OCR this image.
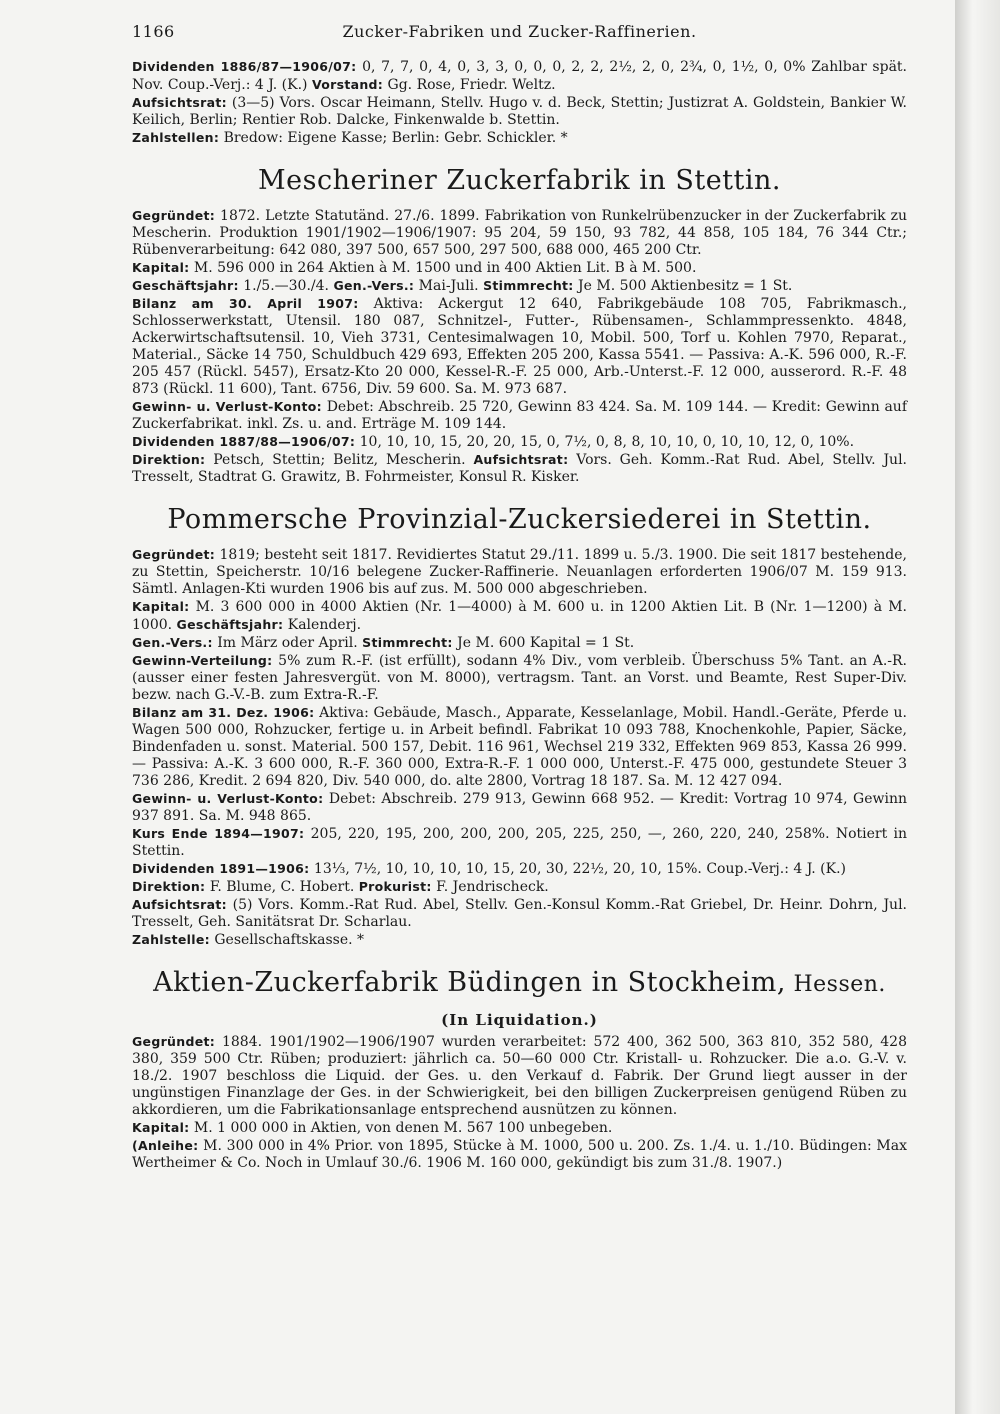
1166	Zucker-Fabriken und Zucker-Raffinerien.

Dividenden 1886/87—1906/07: 0, 7, 7, 0, 4, 0, 3, 3, 0, 0, 0, 2, 2, 2½, 2, 0, 2¾, 0, 1½, 0, 0% Zahlbar spät. Nov. Coup.-Verj.: 4 J. (K.) Vorstand: Gg. Rose, Friedr. Weltz.

Aufsichtsrat: (3—5) Vors. Oscar Heimann, Stellv. Hugo v. d. Beck, Stettin; Justizrat A. Goldstein, Bankier W. Keilich, Berlin; Rentier Rob. Dalcke, Finkenwalde b. Stettin.

Zahlstellen: Bredow: Eigene Kasse; Berlin: Gebr. Schickler. *

Mescheriner Zuckerfabrik in Stettin.

Gegründet: 1872. Letzte Statutänd. 27./6. 1899. Fabrikation von Runkelrübenzucker in der Zuckerfabrik zu Mescherin. Produktion 1901/1902—1906/1907: 95 204, 59 150, 93 782, 44 858, 105 184, 76 344 Ctr.; Rübenverarbeitung: 642 080, 397 500, 657 500, 297 500, 688 000, 465 200 Ctr.

Kapital: M. 596 000 in 264 Aktien à M. 1500 und in 400 Aktien Lit. B à M. 500.

Geschäftsjahr: 1./5.—30./4. Gen.-Vers.: Mai-Juli. Stimmrecht: Je M. 500 Aktienbesitz = 1 St.

Bilanz am 30. April 1907: Aktiva: Ackergut 12 640, Fabrikgebäude 108 705, Fabrikmasch., Schlosserwerkstatt, Utensil. 180 087, Schnitzel-, Futter-, Rübensamen-, Schlammpressenkto. 4848, Ackerwirtschaftsutensil. 10, Vieh 3731, Centesimalwagen 10, Mobil. 500, Torf u. Kohlen 7970, Reparat., Material., Säcke 14 750, Schuldbuch 429 693, Effekten 205 200, Kassa 5541. — Passiva: A.-K. 596 000, R.-F. 205 457 (Rückl. 5457), Ersatz-Kto 20 000, Kessel-R.-F. 25 000, Arb.-Unterst.-F. 12 000, ausserord. R.-F. 48 873 (Rückl. 11 600), Tant. 6756, Div. 59 600. Sa. M. 973 687.

Gewinn- u. Verlust-Konto: Debet: Abschreib. 25 720, Gewinn 83 424. Sa. M. 109 144. — Kredit: Gewinn auf Zuckerfabrikat. inkl. Zs. u. and. Erträge M. 109 144.

Dividenden 1887/88—1906/07: 10, 10, 10, 15, 20, 20, 15, 0, 7½, 0, 8, 8, 10, 10, 0, 10, 10, 12, 0, 10%.

Direktion: Petsch, Stettin; Belitz, Mescherin. Aufsichtsrat: Vors. Geh. Komm.-Rat Rud. Abel, Stellv. Jul. Tresselt, Stadtrat G. Grawitz, B. Fohrmeister, Konsul R. Kisker.

Pommersche Provinzial-Zuckersiederei in Stettin.

Gegründet: 1819; besteht seit 1817. Revidiertes Statut 29./11. 1899 u. 5./3. 1900. Die seit 1817 bestehende, zu Stettin, Speicherstr. 10/16 belegene Zucker-Raffinerie. Neuanlagen erforderten 1906/07 M. 159 913. Sämtl. Anlagen-Kti wurden 1906 bis auf zus. M. 500 000 abgeschrieben.

Kapital: M. 3 600 000 in 4000 Aktien (Nr. 1—4000) à M. 600 u. in 1200 Aktien Lit. B (Nr. 1—1200) à M. 1000. Geschäftsjahr: Kalenderj.

Gen.-Vers.: Im März oder April. Stimmrecht: Je M. 600 Kapital = 1 St.

Gewinn-Verteilung: 5% zum R.-F. (ist erfüllt), sodann 4% Div., vom verbleib. Überschuss 5% Tant. an A.-R. (ausser einer festen Jahresvergüt. von M. 8000), vertragsm. Tant. an Vorst. und Beamte, Rest Super-Div. bezw. nach G.-V.-B. zum Extra-R.-F.

Bilanz am 31. Dez. 1906: Aktiva: Gebäude, Masch., Apparate, Kesselanlage, Mobil. Handl.-Geräte, Pferde u. Wagen 500 000, Rohzucker, fertige u. in Arbeit befindl. Fabrikat 10 093 788, Knochenkohle, Papier, Säcke, Bindenfaden u. sonst. Material. 500 157, Debit. 116 961, Wechsel 219 332, Effekten 969 853, Kassa 26 999. — Passiva: A.-K. 3 600 000, R.-F. 360 000, Extra-R.-F. 1 000 000, Unterst.-F. 475 000, gestundete Steuer 3 736 286, Kredit. 2 694 820, Div. 540 000, do. alte 2800, Vortrag 18 187. Sa. M. 12 427 094.

Gewinn- u. Verlust-Konto: Debet: Abschreib. 279 913, Gewinn 668 952. — Kredit: Vortrag 10 974, Gewinn 937 891. Sa. M. 948 865.

Kurs Ende 1894—1907: 205, 220, 195, 200, 200, 200, 205, 225, 250, —, 260, 220, 240, 258%. Notiert in Stettin.

Dividenden 1891—1906: 13⅓, 7½, 10, 10, 10, 10, 15, 20, 30, 22½, 20, 10, 15%. Coup.-Verj.: 4 J. (K.)

Direktion: F. Blume, C. Hobert. Prokurist: F. Jendrischeck.

Aufsichtsrat: (5) Vors. Komm.-Rat Rud. Abel, Stellv. Gen.-Konsul Komm.-Rat Griebel, Dr. Heinr. Dohrn, Jul. Tresselt, Geh. Sanitätsrat Dr. Scharlau.

Zahlstelle: Gesellschaftskasse. *

Aktien-Zuckerfabrik Büdingen in Stockheim, Hessen.
(In Liquidation.)

Gegründet: 1884. 1901/1902—1906/1907 wurden verarbeitet: 572 400, 362 500, 363 810, 352 580, 428 380, 359 500 Ctr. Rüben; produziert: jährlich ca. 50—60 000 Ctr. Kristall- u. Rohzucker. Die a.o. G.-V. v. 18./2. 1907 beschloss die Liquid. der Ges. u. den Verkauf d. Fabrik. Der Grund liegt ausser in der ungünstigen Finanzlage der Ges. in der Schwierigkeit, bei den billigen Zuckerpreisen genügend Rüben zu akkordieren, um die Fabrikationsanlage entsprechend ausnützen zu können.

Kapital: M. 1 000 000 in Aktien, von denen M. 567 100 unbegeben.

(Anleihe: M. 300 000 in 4% Prior. von 1895, Stücke à M. 1000, 500 u. 200. Zs. 1./4. u. 1./10. Büdingen: Max Wertheimer & Co. Noch in Umlauf 30./6. 1906 M. 160 000, gekündigt bis zum 31./8. 1907.)
